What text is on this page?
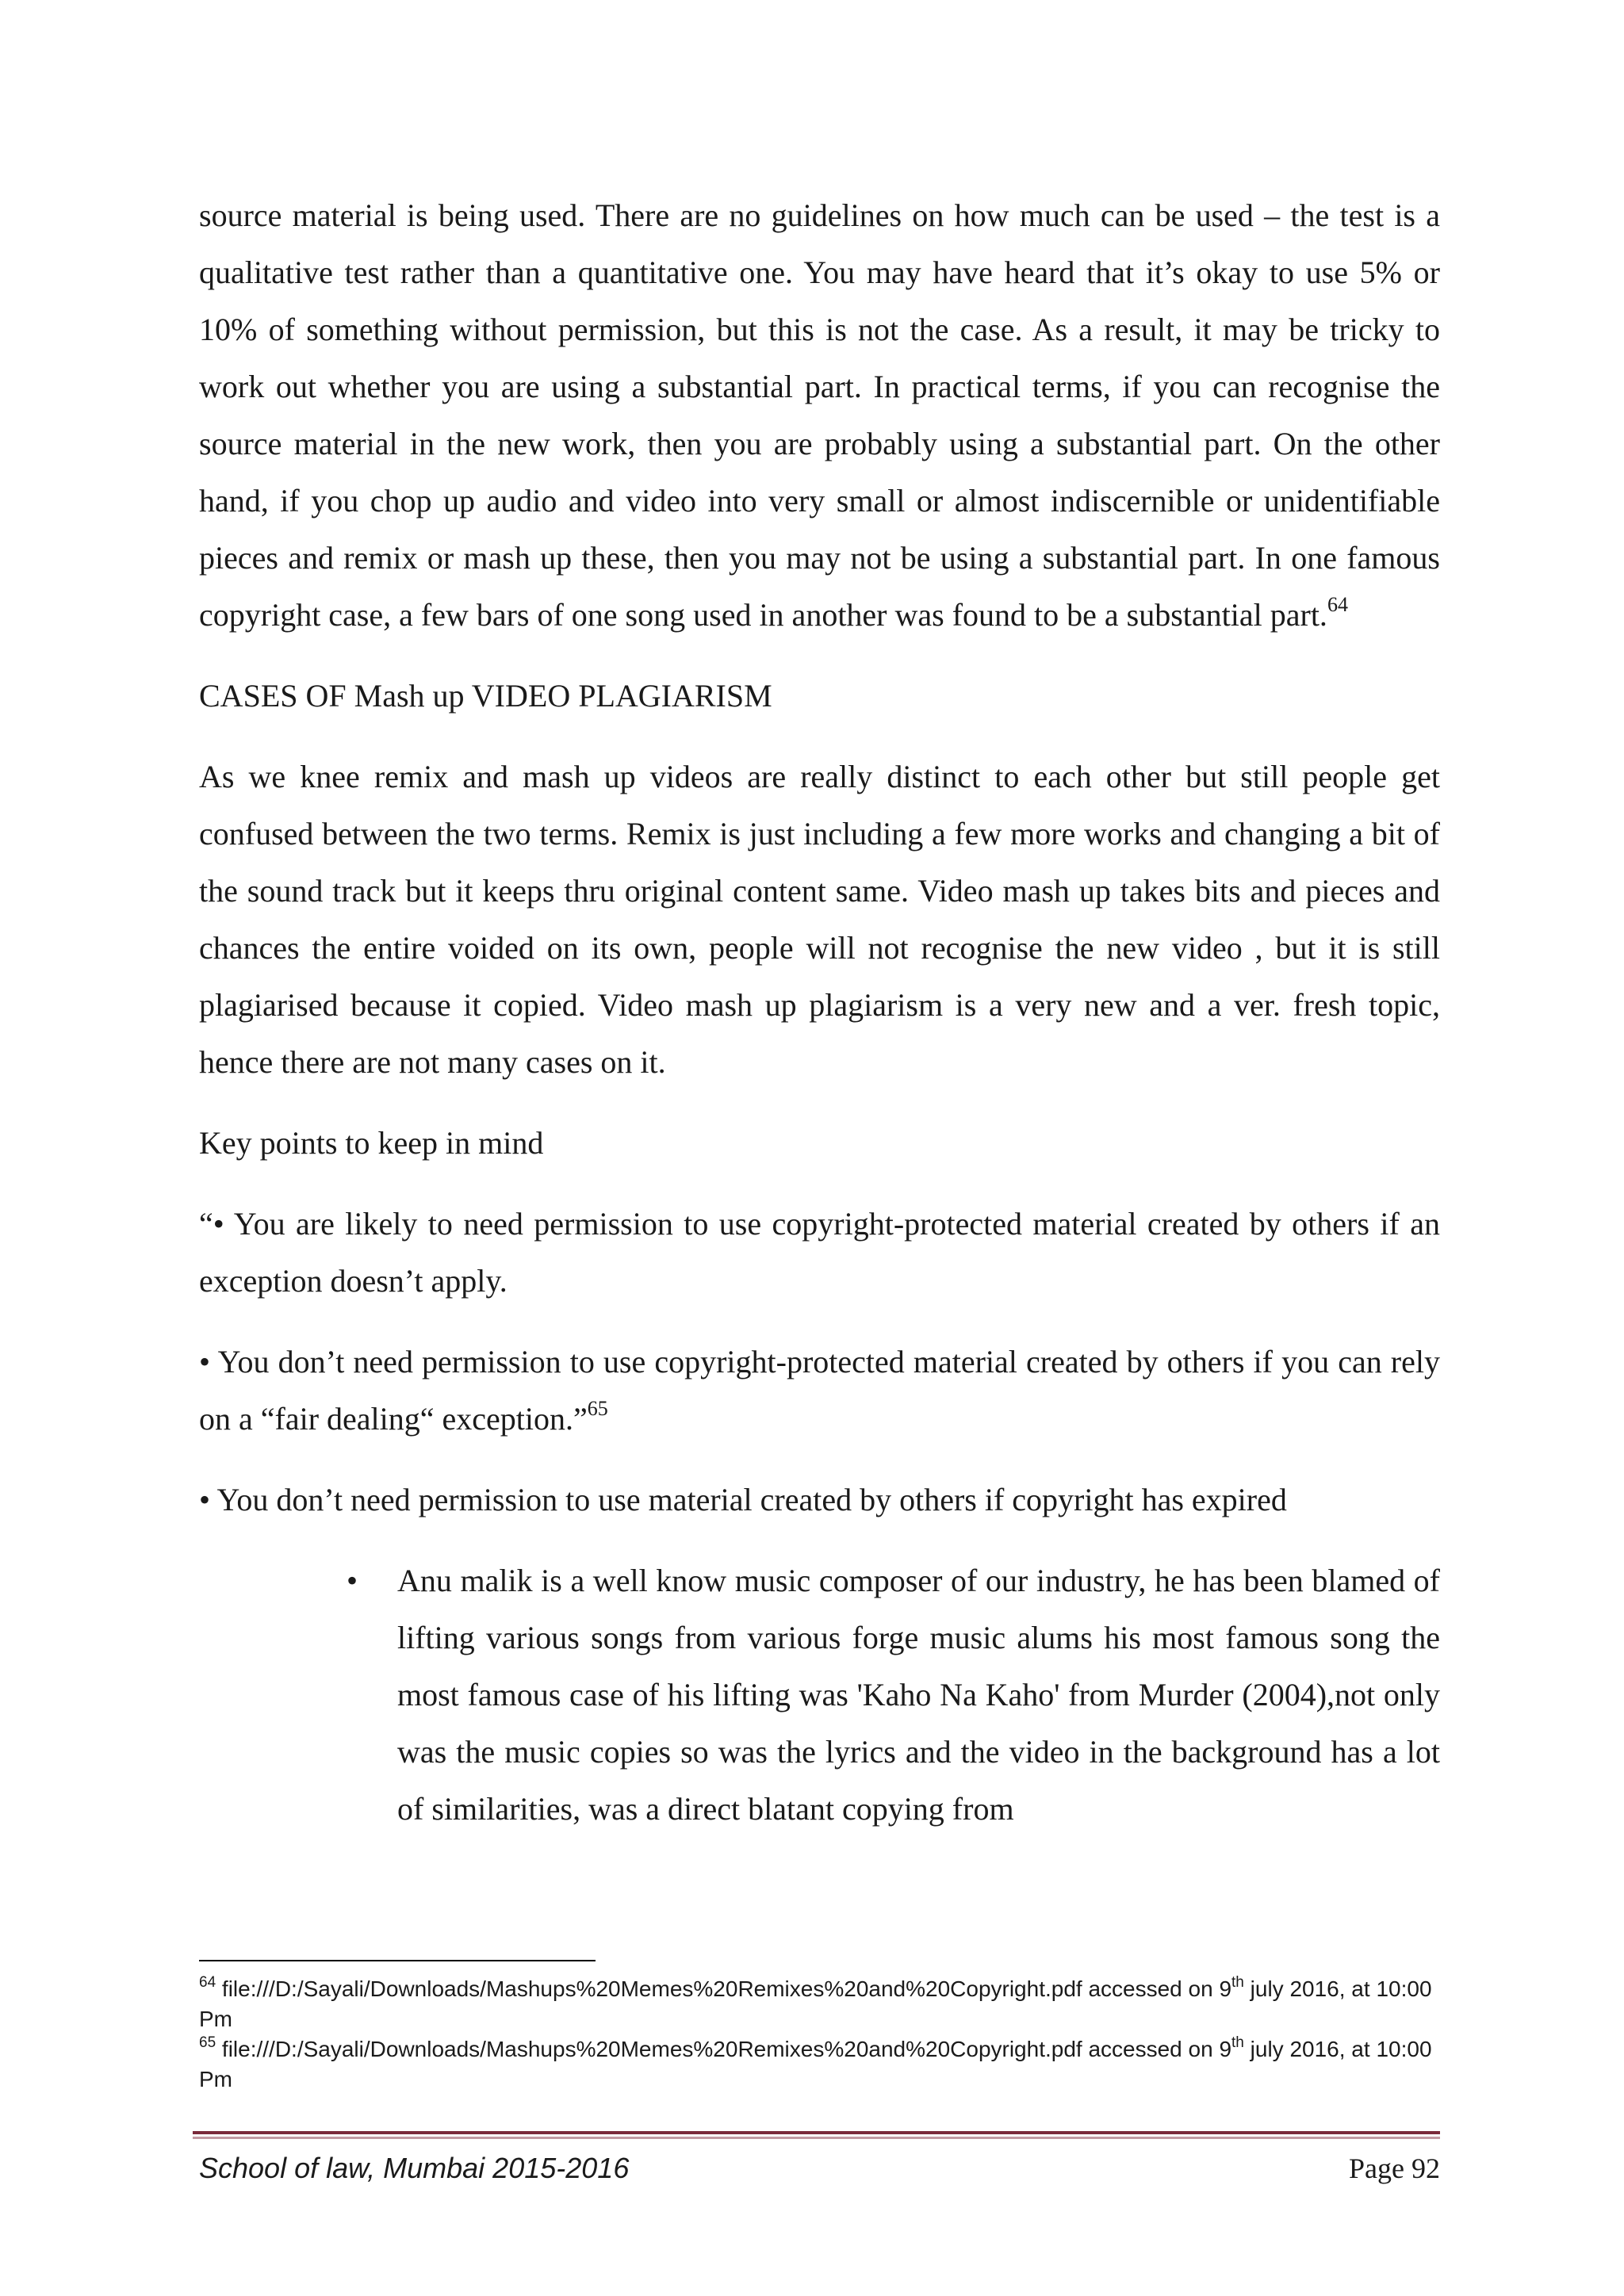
source material is being used. There are no guidelines on how much can be used – the test is a qualitative test rather than a quantitative one. You may have heard that it’s okay to use 5% or 10% of something without permission, but this is not the case. As a result, it may be tricky to work out whether you are using a substantial part. In practical terms, if you can recognise the source material in the new work, then you are probably using a substantial part. On the other hand, if you chop up audio and video into very small or almost indiscernible or unidentifiable pieces and remix or mash up these, then you may not be using a substantial part. In one famous copyright case, a few bars of one song used in another was found to be a substantial part.$^{64}$

CASES OF Mash up VIDEO PLAGIARISM

As we knee remix and mash up videos are really distinct to each other but still people get confused between the two terms. Remix is just including a few more works and changing a bit of the sound track but it keeps thru original content same. Video mash up takes bits and pieces and chances the entire voided on its own, people will not recognise the new video , but it is still plagiarised because it copied. Video mash up plagiarism is a very new and a ver. fresh topic, hence there are not many cases on it.

Key points to keep in mind

“• You are likely to need permission to use copyright-protected material created by others if an exception doesn’t apply.

• You don’t need permission to use copyright-protected material created by others if you can rely on a “fair dealing“ exception.”$^{65}$

• You don’t need permission to use material created by others if copyright has expired

• Anu malik is a well know music composer of our industry, he has been blamed of lifting various songs from various forge music alums his most famous song the most famous case of his lifting was 'Kaho Na Kaho' from Murder (2004),not only was the music copies so was the lyrics and the video in the background has a lot of similarities, was a direct blatant copying from

$^{64}$ file:///D:/Sayali/Downloads/Mashups%20Memes%20Remixes%20and%20Copyright.pdf accessed on 9th july 2016, at 10:00 Pm
$^{65}$ file:///D:/Sayali/Downloads/Mashups%20Memes%20Remixes%20and%20Copyright.pdf accessed on 9th july 2016, at 10:00 Pm
School of law, Mumbai 2015-2016	Page 92
